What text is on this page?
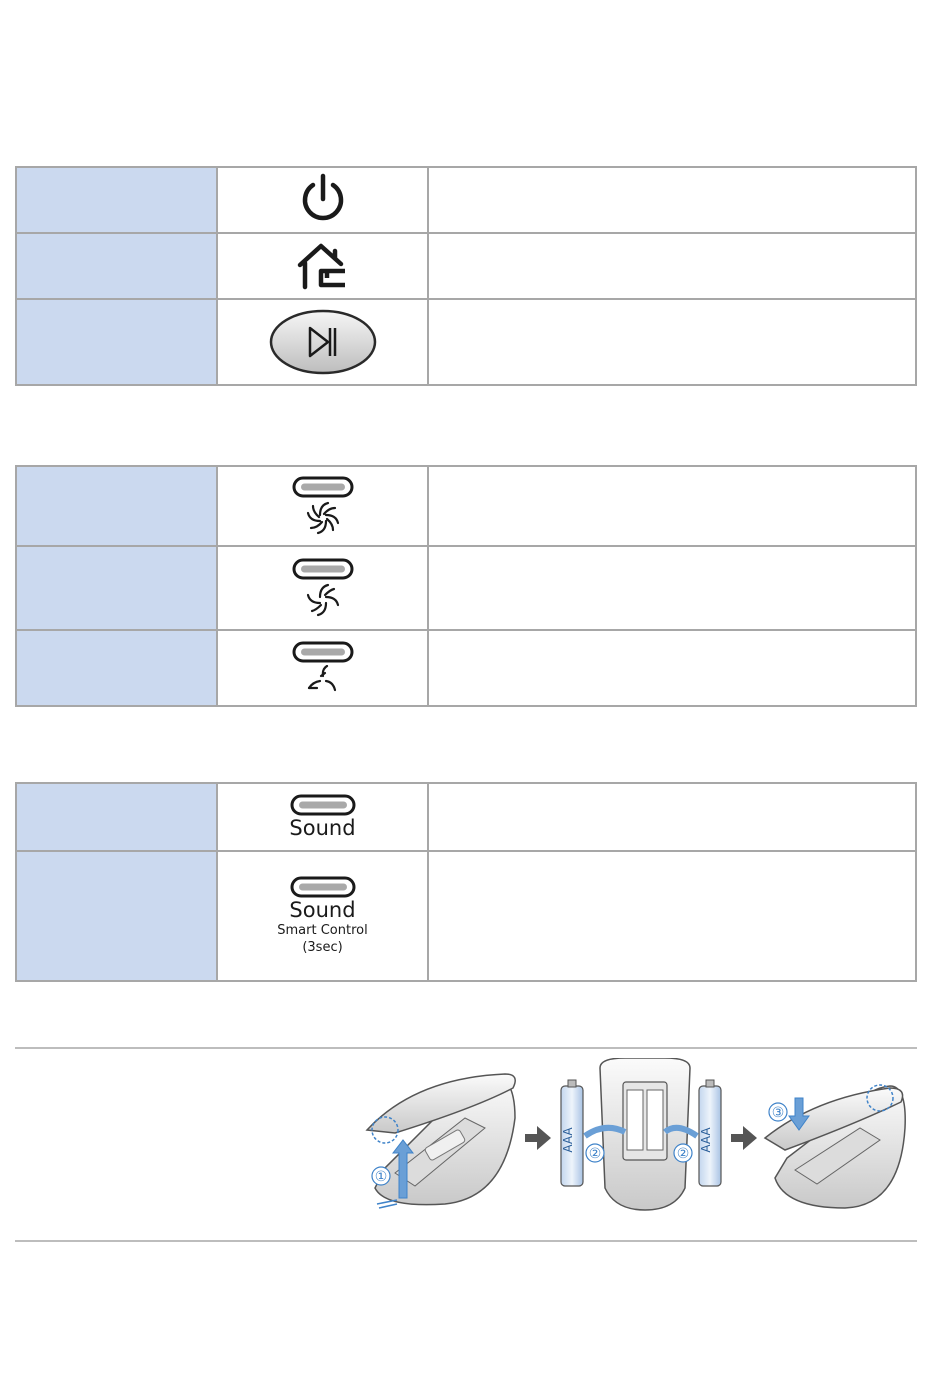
	Sound	

	Sound
Smart Control
(3sec)	

①
AAA	AAA
②	②
③
